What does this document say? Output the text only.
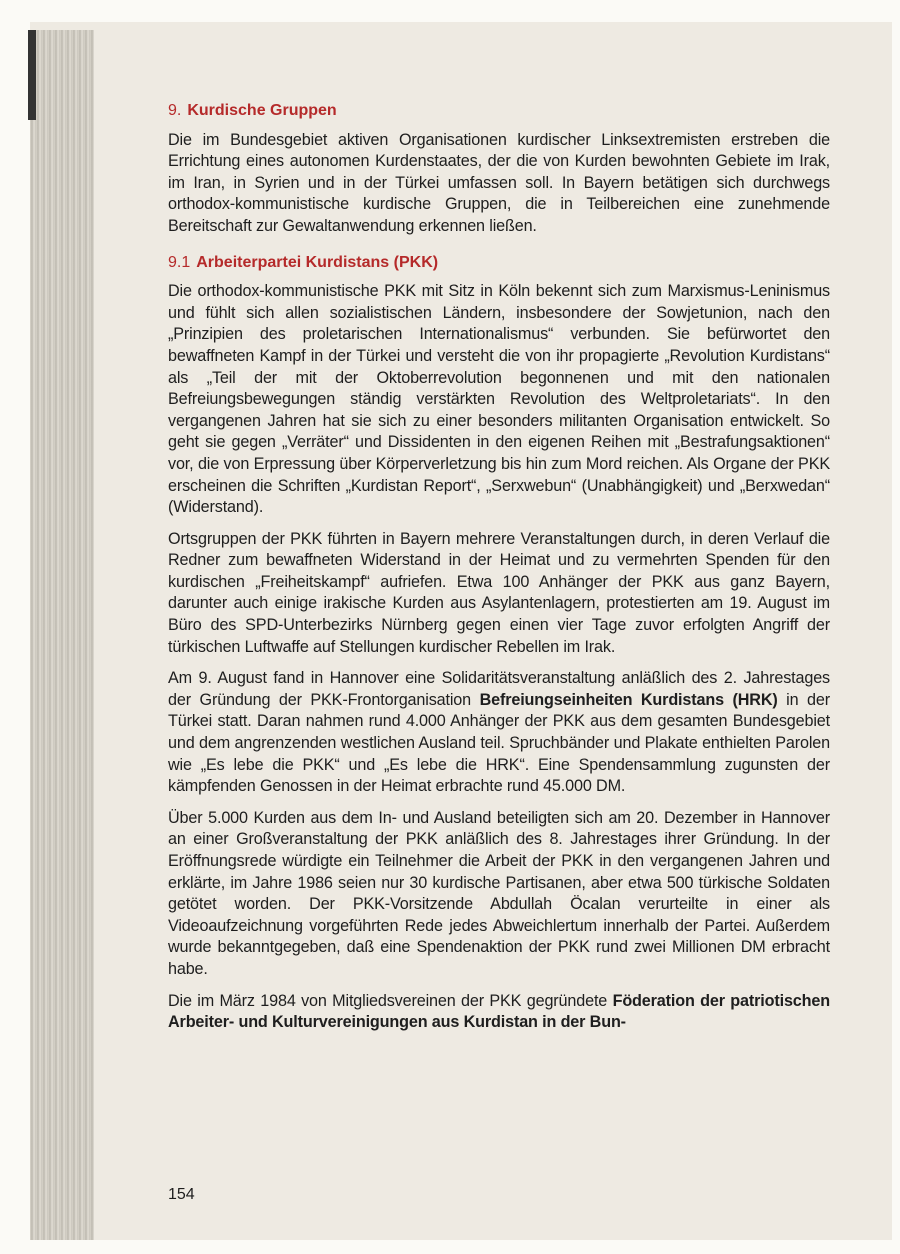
9. Kurdische Gruppen

Die im Bundesgebiet aktiven Organisationen kurdischer Linksextremisten erstreben die Errichtung eines autonomen Kurdenstaates, der die von Kurden bewohnten Gebiete im Irak, im Iran, in Syrien und in der Türkei umfassen soll. In Bayern betätigen sich durchwegs orthodox-kommunistische kurdische Gruppen, die in Teilbereichen eine zunehmende Bereitschaft zur Gewaltanwendung erkennen ließen.

9.1 Arbeiterpartei Kurdistans (PKK)

Die orthodox-kommunistische PKK mit Sitz in Köln bekennt sich zum Marxismus-Leninismus und fühlt sich allen sozialistischen Ländern, insbesondere der Sowjetunion, nach den „Prinzipien des proletarischen Internationalismus“ verbunden. Sie befürwortet den bewaffneten Kampf in der Türkei und versteht die von ihr propagierte „Revolution Kurdistans“ als „Teil der mit der Oktoberrevolution begonnenen und mit den nationalen Befreiungsbewegungen ständig verstärkten Revolution des Weltproletariats“. In den vergangenen Jahren hat sie sich zu einer besonders militanten Organisation entwickelt. So geht sie gegen „Verräter“ und Dissidenten in den eigenen Reihen mit „Bestrafungsaktionen“ vor, die von Erpressung über Körperverletzung bis hin zum Mord reichen. Als Organe der PKK erscheinen die Schriften „Kurdistan Report“, „Serxwebun“ (Unabhängigkeit) und „Berxwedan“ (Widerstand).

Ortsgruppen der PKK führten in Bayern mehrere Veranstaltungen durch, in deren Verlauf die Redner zum bewaffneten Widerstand in der Heimat und zu vermehrten Spenden für den kurdischen „Freiheitskampf“ aufriefen. Etwa 100 Anhänger der PKK aus ganz Bayern, darunter auch einige irakische Kurden aus Asylantenlagern, protestierten am 19. August im Büro des SPD-Unterbezirks Nürnberg gegen einen vier Tage zuvor erfolgten Angriff der türkischen Luftwaffe auf Stellungen kurdischer Rebellen im Irak.

Am 9. August fand in Hannover eine Solidaritätsveranstaltung anläßlich des 2. Jahrestages der Gründung der PKK-Frontorganisation Befreiungseinheiten Kurdistans (HRK) in der Türkei statt. Daran nahmen rund 4.000 Anhänger der PKK aus dem gesamten Bundesgebiet und dem angrenzenden westlichen Ausland teil. Spruchbänder und Plakate enthielten Parolen wie „Es lebe die PKK“ und „Es lebe die HRK“. Eine Spendensammlung zugunsten der kämpfenden Genossen in der Heimat erbrachte rund 45.000 DM.

Über 5.000 Kurden aus dem In- und Ausland beteiligten sich am 20. Dezember in Hannover an einer Großveranstaltung der PKK anläßlich des 8. Jahrestages ihrer Gründung. In der Eröffnungsrede würdigte ein Teilnehmer die Arbeit der PKK in den vergangenen Jahren und erklärte, im Jahre 1986 seien nur 30 kurdische Partisanen, aber etwa 500 türkische Soldaten getötet worden. Der PKK-Vorsitzende Abdullah Öcalan verurteilte in einer als Videoaufzeichnung vorgeführten Rede jedes Abweichlertum innerhalb der Partei. Außerdem wurde bekanntgegeben, daß eine Spendenaktion der PKK rund zwei Millionen DM erbracht habe.

Die im März 1984 von Mitgliedsvereinen der PKK gegründete Föderation der patriotischen Arbeiter- und Kulturvereinigungen aus Kurdistan in der Bun-

154
